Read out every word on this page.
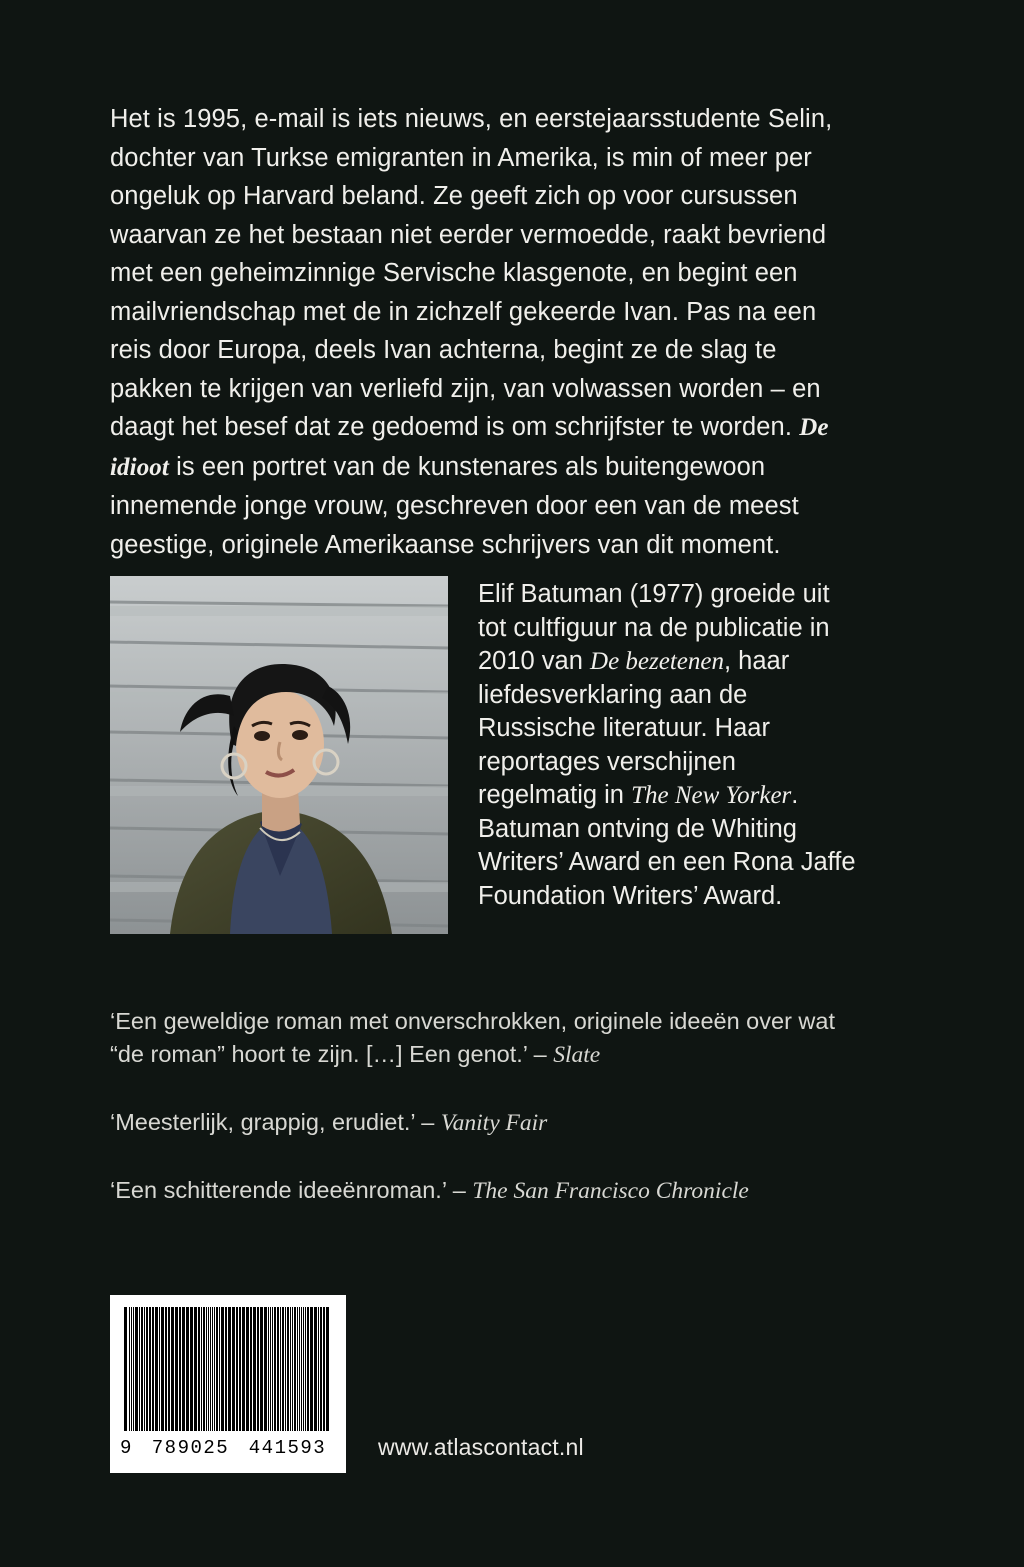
Het is 1995, e-mail is iets nieuws, en eerstejaarsstudente Selin, dochter van Turkse emigranten in Amerika, is min of meer per ongeluk op Harvard beland. Ze geeft zich op voor cursussen waarvan ze het bestaan niet eerder vermoedde, raakt bevriend met een geheimzinnige Servische klasgenote, en begint een mailvriendschap met de in zichzelf gekeerde Ivan. Pas na een reis door Europa, deels Ivan achterna, begint ze de slag te pakken te krijgen van verliefd zijn, van volwassen worden – en daagt het besef dat ze gedoemd is om schrijfster te worden. De idioot is een portret van de kunstenares als buitengewoon innemende jonge vrouw, geschreven door een van de meest geestige, originele Amerikaanse schrijvers van dit moment.

Elif Batuman (1977) groeide uit tot cultfiguur na de publicatie in 2010 van De bezetenen, haar liefdesverklaring aan de Russische literatuur. Haar reportages verschijnen regelmatig in The New Yorker. Batuman ontving de Whiting Writers’ Award en een Rona Jaffe Foundation Writers’ Award.

‘Een geweldige roman met onverschrokken, originele ideeën over wat “de roman” hoort te zijn. […] Een genot.’ – Slate
‘Meesterlijk, grappig, erudiet.’ – Vanity Fair
‘Een schitterende ideeënroman.’ – The San Francisco Chronicle
9 789025	441593	www.atlascontact.nl
